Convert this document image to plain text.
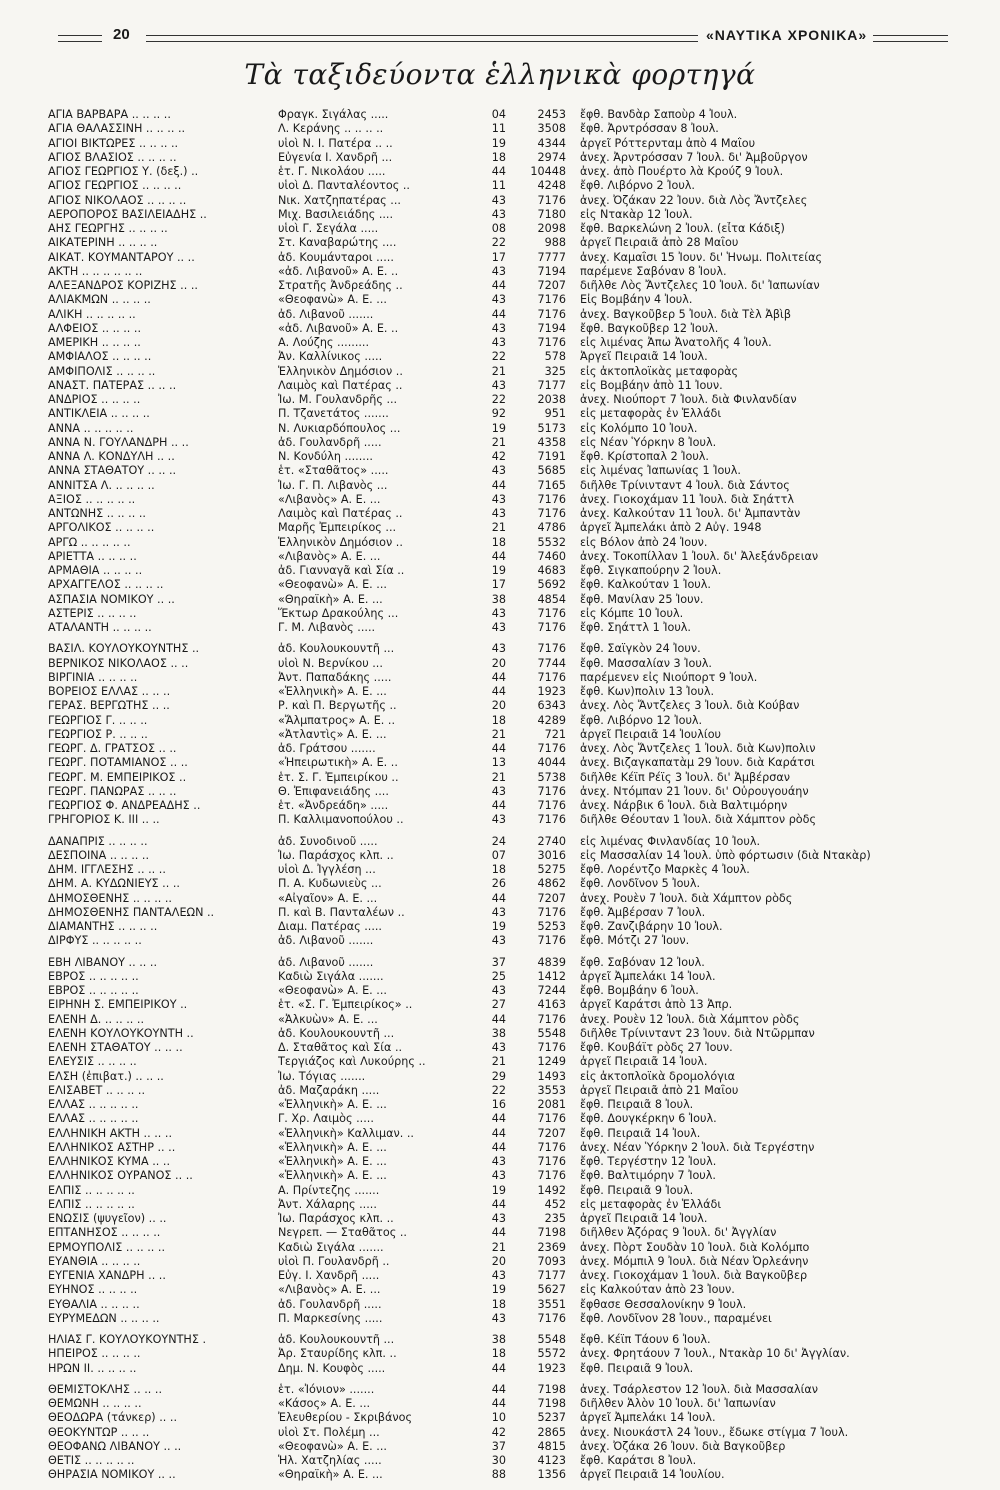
20	«ΝΑΥΤΙΚΑ ΧΡΟΝΙΚΑ»
Τὰ ταξιδεύοντα ἑλληνικὰ φορτηγά
ΑΓΙΑ ΒΑΡΒΑΡΑ .. .. .. ..	Φραγκ. Σιγάλας .....	04	2453 ἔφθ. Βανδὰρ Σαποὺρ 4 Ἰουλ.
ΑΓΙΑ ΘΑΛΑΣΣΙΝΗ .. .. .. ..	Λ. Κεράνης .. .. .. ..	11	3508 ἔφθ. Ἀρντρόσσαν 8 Ἰουλ.
ΑΓΙΟΙ ΒΙΚΤΩΡΕΣ .. .. .. ..	υἱοὶ Ν. Ι. Πατέρα .. ..	19	4344 ἀργεῖ Ρόττερνταμ ἀπὸ 4 Μαΐου
ΑΓΙΟΣ ΒΛΑΣΙΟΣ .. .. .. ..	Εὐγενία Ι. Χανδρῆ ...	18	2974 ἀνεχ. Ἀρντρόσσαν 7 Ἰουλ. δι' Ἀμβοῦργον
ΑΓΙΟΣ ΓΕΩΡΓΙΟΣ Υ. (δεξ.) ..	ἑτ. Γ. Νικολάου .....	44	10448 ἀνεχ. ἀπὸ Πουέρτο λὰ Κρούζ 9 Ἰουλ.
ΑΓΙΟΣ ΓΕΩΡΓΙΟΣ .. .. .. ..	υἱοὶ Δ. Πανταλέοντος ..	11	4248 ἔφθ. Λιβόρνο 2 Ἰουλ.
ΑΓΙΟΣ ΝΙΚΟΛΑΟΣ .. .. .. ..	Νικ. Χατζηπατέρας ...	43	7176 ἀνεχ. Ὀζάκαν 22 Ἰουν. διὰ Λὸς Ἄντζελες
ΑΕΡΟΠΟΡΟΣ ΒΑΣΙΛΕΙΑΔΗΣ ..	Μιχ. Βασιλειάδης ....	43	7180 εἰς Ντακὰρ 12 Ἰουλ.
ΑΗΣ ΓΕΩΡΓΗΣ .. .. .. ..	υἱοὶ Γ. Σεγάλα .....	08	2098 ἔφθ. Βαρκελώνη 2 Ἰουλ. (εἶτα Κάδιξ)
ΑΙΚΑΤΕΡΙΝΗ .. .. .. ..	Στ. Καναβαρώτης ....	22	988 ἀργεῖ Πειραιᾶ ἀπὸ 28 Μαΐου
ΑΙΚΑΤ. ΚΟΥΜΑΝΤΑΡΟΥ .. ..	ἀδ. Κουμάνταροι .....	17	7777 ἀνεχ. Καμαΐσι 15 Ἰουν. δι' Ἡνωμ. Πολιτείας
ΑΚΤΗ .. .. .. .. .. ..	«ἀδ. Λιβανοῦ» Α. Ε. ..	43	7194 παρέμενε Σαβόναν 8 Ἰουλ.
ΑΛΕΞΑΝΔΡΟΣ ΚΟΡΙΖΗΣ .. ..	Στρατῆς Ἀνδρεάδης ..	44	7207 διῆλθε Λὸς Ἄντζελες 10 Ἰουλ. δι' Ἰαπωνίαν
ΑΛΙΑΚΜΩΝ .. .. .. ..	«Θεοφανὼ» Α. Ε. ...	43	7176 Εἰς Βομβάην 4 Ἰουλ.
ΑΛΙΚΗ .. .. .. .. ..	ἀδ. Λιβανοῦ .......	44	7176 ἀνεχ. Βαγκοῦβερ 5 Ἰουλ. διὰ Τὲλ Ἀβὶβ
ΑΛΦΕΙΟΣ .. .. .. ..	«ἀδ. Λιβανοῦ» Α. Ε. ..	43	7194 ἔφθ. Βαγκοῦβερ 12 Ἰουλ.
ΑΜΕΡΙΚΗ .. .. .. ..	Α. Λούζης .........	43	7176 εἰς λιμένας Ἀπω Ἀνατολῆς 4 Ἰουλ.
ΑΜΦΙΑΛΟΣ .. .. .. ..	Ἀν. Καλλίνικος .....	22	578 Ἀργεῖ Πειραιᾶ 14 Ἰουλ.
ΑΜΦΙΠΟΛΙΣ .. .. .. ..	Ἑλληνικὸν Δημόσιον ..	21	325 εἰς ἀκτοπλοϊκὰς μεταφορὰς
ΑΝΑΣΤ. ΠΑΤΕΡΑΣ .. .. ..	Λαιμὸς καὶ Πατέρας ..	43	7177 εἰς Βομβάην ἀπὸ 11 Ἰουν.
ΑΝΔΡΙΟΣ .. .. .. ..	Ἰω. Μ. Γουλανδρῆς ...	22	2038 ἀνεχ. Νιούπορτ 7 Ἰουλ. διὰ Φινλανδίαν
ΑΝΤΙΚΛΕΙΑ .. .. .. ..	Π. Τζανετάτος .......	92	951 εἰς μεταφορὰς ἐν Ἑλλάδι
ΑΝΝΑ .. .. .. .. ..	Ν. Λυκιαρδόπουλος ...	19	5173 εἰς Κολόμπο 10 Ἰουλ.
ΑΝΝΑ Ν. ΓΟΥΛΑΝΔΡΗ .. ..	ἀδ. Γουλανδρῆ .....	21	4358 εἰς Νέαν Ὑόρκην 8 Ἰουλ.
ΑΝΝΑ Λ. ΚΟΝΔΥΛΗ .. ..	Ν. Κονδύλη ........	42	7191 ἔφθ. Κρίστοπαλ 2 Ἰουλ.
ΑΝΝΑ ΣΤΑΘΑΤΟΥ .. .. ..	ἑτ. «Σταθᾶτος» .....	43	5685 εἰς λιμένας Ἰαπωνίας 1 Ἰουλ.
ΑΝΝΙΤΣΑ Λ. .. .. .. ..	Ἰω. Γ. Π. Λιβανὸς ...	44	7165 διῆλθε Τρίνινταντ 4 Ἰουλ. διὰ Σάντος
ΑΞΙΟΣ .. .. .. .. ..	«Λιβανὸς» Α. Ε. ...	43	7176 ἀνεχ. Γιοκοχάμαν 11 Ἰουλ. διὰ Σηάττλ
ΑΝΤΩΝΗΣ .. .. .. ..	Λαιμὸς καὶ Πατέρας ..	43	7176 ἀνεχ. Καλκούταν 11 Ἰουλ. δι' Ἀμπαντὰν
ΑΡΓΟΛΙΚΟΣ .. .. .. ..	Μαρῆς Ἐμπειρίκος ...	21	4786 ἀργεῖ Ἀμπελάκι ἀπὸ 2 Αὐγ. 1948
ΑΡΓΩ .. .. .. .. ..	Ἑλληνικὸν Δημόσιον ..	18	5532 εἰς Βόλον ἀπὸ 24 Ἰουν.
ΑΡΙΕΤΤΑ .. .. .. ..	«Λιβανὸς» Α. Ε. ...	44	7460 ἀνεχ. Τοκοπίλλαν 1 Ἰουλ. δι' Ἀλεξάνδρειαν
ΑΡΜΑΘΙΑ .. .. .. ..	ἀδ. Γιανναγᾶ καὶ Σία ..	19	4683 ἔφθ. Σιγκαπούρην 2 Ἰουλ.
ΑΡΧΑΓΓΕΛΟΣ .. .. .. ..	«Θεοφανὼ» Α. Ε. ...	17	5692 ἔφθ. Καλκούταν 1 Ἰουλ.
ΑΣΠΑΣΙΑ ΝΟΜΙΚΟΥ .. ..	«Θηραϊκὴ» Α. Ε. ...	38	4854 ἔφθ. Μανίλαν 25 Ἰουν.
ΑΣΤΕΡΙΣ .. .. .. ..	Ἕκτωρ Δρακούλης ...	43	7176 εἰς Κόμπε 10 Ἰουλ.
ΑΤΑΛΑΝΤΗ .. .. .. ..	Γ. Μ. Λιβανὸς .....	43	7176 ἔφθ. Σηάττλ 1 Ἰουλ.
ΒΑΣΙΛ. ΚΟΥΛΟΥΚΟΥΝΤΗΣ ..	ἀδ. Κουλουκουντῆ ...	43	7176 ἔφθ. Σαϊγκὸν 24 Ἰουν.
ΒΕΡΝΙΚΟΣ ΝΙΚΟΛΑΟΣ .. ..	υἱοὶ Ν. Βερνίκου ...	20	7744 ἔφθ. Μασσαλίαν 3 Ἰουλ.
ΒΙΡΓΙΝΙΑ .. .. .. ..	Ἀντ. Παπαδάκης .....	44	7176 παρέμενεν εἰς Νιούπορτ 9 Ἰουλ.
ΒΟΡΕΙΟΣ ΕΛΛΑΣ .. .. ..	«Ἑλληνικὴ» Α. Ε. ...	44	1923 ἔφθ. Κων)πολιν 13 Ἰουλ.
ΓΕΡΑΣ. ΒΕΡΓΩΤΗΣ .. ..	Ρ. καὶ Π. Βεργωτῆς ..	20	6343 ἀνεχ. Λὸς Ἄντζελες 3 Ἰουλ. διὰ Κούβαν
ΓΕΩΡΓΙΟΣ Γ. .. .. ..	«Ἄλμπατρος» Α. Ε. ..	18	4289 ἔφθ. Λιβόρνο 12 Ἰουλ.
ΓΕΩΡΓΙΟΣ Ρ. .. .. ..	«Ἀτλαντὶς» Α. Ε. ...	21	721 ἀργεῖ Πειραιᾶ 14 Ἰουλίου
ΓΕΩΡΓ. Δ. ΓΡΑΤΣΟΣ .. ..	ἀδ. Γράτσου .......	44	7176 ἀνεχ. Λὸς Ἄντζελες 1 Ἰουλ. διὰ Κων)πολιν
ΓΕΩΡΓ. ΠΟΤΑΜΙΑΝΟΣ .. ..	«Ἠπειρωτικὴ» Α. Ε. ..	13	4044 ἀνεχ. Βιζαγκαπατὰμ 29 Ἰουν. διὰ Καράτσι
ΓΕΩΡΓ. Μ. ΕΜΠΕΙΡΙΚΟΣ ..	ἑτ. Σ. Γ. Ἐμπειρίκου ..	21	5738 διῆλθε Κέϊπ Ρέϊς 3 Ἰουλ. δι' Ἀμβέρσαν
ΓΕΩΡΓ. ΠΑΝΩΡΑΣ .. .. ..	Θ. Ἐπιφανειάδης ....	43	7176 ἀνεχ. Ντόμπαν 21 Ἰουν. δι' Οὐρουγουάην
ΓΕΩΡΓΙΟΣ Φ. ΑΝΔΡΕΑΔΗΣ ..	ἑτ. «Ἀνδρεάδη» .....	44	7176 ἀνεχ. Νάρβικ 6 Ἰουλ. διὰ Βαλτιμόρην
ΓΡΗΓΟΡΙΟΣ Κ. ΙΙΙ .. ..	Π. Καλλιμανοπούλου ..	43	7176 διῆλθε Θέουταν 1 Ἰουλ. διὰ Χάμπτον ρὸδς
ΔΑΝΑΠΡΙΣ .. .. .. ..	ἀδ. Συνοδινοῦ .....	24	2740 εἰς λιμένας Φινλανδίας 10 Ἰουλ.
ΔΕΣΠΟΙΝΑ .. .. .. ..	Ἰω. Παράσχος κλπ. ..	07	3016 εἰς Μασσαλίαν 14 Ἰουλ. ὑπὸ φόρτωσιν (διὰ Ντακὰρ)
ΔΗΜ. ΙΓΓΛΕΣΗΣ .. .. ..	υἱοὶ Δ. Ἰγγλέση ...	18	5275 ἔφθ. Λορέντζο Μαρκὲς 4 Ἰουλ.
ΔΗΜ. Α. ΚΥΔΩΝΙΕΥΣ .. ..	Π. Α. Κυδωνιεὺς ...	26	4862 ἔφθ. Λονδῖνον 5 Ἰουλ.
ΔΗΜΟΣΘΕΝΗΣ .. .. .. ..	«Αἰγαῖον» Α. Ε. ...	44	7207 ἀνεχ. Ρουὲν 7 Ἰουλ. διὰ Χάμπτον ρὸδς
ΔΗΜΟΣΘΕΝΗΣ ΠΑΝΤΑΛΕΩΝ ..	Π. καὶ Β. Πανταλέων ..	43	7176 ἔφθ. Ἀμβέρσαν 7 Ἰουλ.
ΔΙΑΜΑΝΤΗΣ .. .. .. ..	Διαμ. Πατέρας .....	19	5253 ἔφθ. Ζανζιβάρην 10 Ἰουλ.
ΔΙΡΦΥΣ .. .. .. .. ..	ἀδ. Λιβανοῦ .......	43	7176 ἔφθ. Μότζι 27 Ἰουν.
ΕΒΗ ΛΙΒΑΝΟΥ .. .. ..	ἀδ. Λιβανοῦ .......	37	4839 ἔφθ. Σαβόναν 12 Ἰουλ.
ΕΒΡΟΣ .. .. .. .. ..	Καδιὼ Σιγάλα .......	25	1412 ἀργεῖ Ἀμπελάκι 14 Ἰουλ.
ΕΒΡΟΣ .. .. .. .. ..	«Θεοφανὼ» Α. Ε. ...	43	7244 ἔφθ. Βομβάην 6 Ἰουλ.
ΕΙΡΗΝΗ Σ. ΕΜΠΕΙΡΙΚΟΥ ..	ἑτ. «Σ. Γ. Ἐμπειρίκος» ..	27	4163 ἀργεῖ Καράτσι ἀπὸ 13 Ἀπρ.
ΕΛΕΝΗ Δ. .. .. .. ..	«Ἀλκυὼν» Α. Ε. ...	44	7176 ἀνεχ. Ρουὲν 12 Ἰουλ. διὰ Χάμπτον ρὸδς
ΕΛΕΝΗ ΚΟΥΛΟΥΚΟΥΝΤΗ ..	ἀδ. Κουλουκουντῆ ...	38	5548 διῆλθε Τρίνινταντ 23 Ἰουν. διὰ Ντῶρμπαν
ΕΛΕΝΗ ΣΤΑΘΑΤΟΥ .. .. ..	Δ. Σταθᾶτος καὶ Σία ..	43	7176 ἔφθ. Κουβάϊτ ρὸδς 27 Ἰουν.
ΕΛΕΥΣΙΣ .. .. .. ..	Τεργιάζος καὶ Λυκούρης ..	21	1249 ἀργεῖ Πειραιᾶ 14 Ἰουλ.
ΕΛΣΗ (ἐπιβατ.) .. .. ..	Ἰω. Τόγιας .......	29	1493 εἰς ἀκτοπλοϊκὰ δρομολόγια
ΕΛΙΣΑΒΕΤ .. .. .. ..	ἀδ. Μαζαράκη .....	22	3553 ἀργεῖ Πειραιᾶ ἀπὸ 21 Μαΐου
ΕΛΛΑΣ .. .. .. .. ..	«Ἑλληνικὴ» Α. Ε. ...	16	2081 ἔφθ. Πειραιᾶ 8 Ἰουλ.
ΕΛΛΑΣ .. .. .. .. ..	Γ. Χρ. Λαιμὸς .....	44	7176 ἔφθ. Δουγκέρκην 6 Ἰουλ.
ΕΛΛΗΝΙΚΗ ΑΚΤΗ .. .. ..	«Ἑλληνικὴ» Καλλιμαν. ..	44	7207 ἔφθ. Πειραιᾶ 14 Ἰουλ.
ΕΛΛΗΝΙΚΟΣ ΑΣΤΗΡ .. ..	«Ἑλληνικὴ» Α. Ε. ...	44	7176 ἀνεχ. Νέαν Ὑόρκην 2 Ἰουλ. διὰ Τεργέστην
ΕΛΛΗΝΙΚΟΣ ΚΥΜΑ .. ..	«Ἑλληνικὴ» Α. Ε. ...	43	7176 ἔφθ. Τεργέστην 12 Ἰουλ.
ΕΛΛΗΝΙΚΟΣ ΟΥΡΑΝΟΣ .. ..	«Ἑλληνικὴ» Α. Ε. ...	43	7176 ἔφθ. Βαλτιμόρην 7 Ἰουλ.
ΕΛΠΙΣ .. .. .. .. ..	Α. Πρίντεζης .......	19	1492 ἔφθ. Πειραιᾶ 9 Ἰουλ.
ΕΛΠΙΣ .. .. .. .. ..	Ἀντ. Χάλαρης .....	44	452 εἰς μεταφορὰς ἐν Ἑλλάδι
ΕΝΩΣΙΣ (ψυγεῖον) .. ..	Ἰω. Παράσχος κλπ. ..	43	235 ἀργεῖ Πειραιᾶ 14 Ἰουλ.
ΕΠΤΑΝΗΣΟΣ .. .. .. ..	Νεγρεπ. — Σταθᾶτος ..	44	7198 διῆλθεν Ἀζόρας 9 Ἰουλ. δι' Ἀγγλίαν
ΕΡΜΟΥΠΟΛΙΣ .. .. .. ..	Καδιὼ Σιγάλα .......	21	2369 ἀνεχ. Πὸρτ Σουδὰν 10 Ἰουλ. διὰ Κολόμπο
ΕΥΑΝΘΙΑ .. .. .. ..	υἱοὶ Π. Γουλανδρῆ ..	20	7093 ἀνεχ. Μόμπιλ 9 Ἰουλ. διὰ Νέαν Ὀρλεάνην
ΕΥΓΕΝΙΑ ΧΑΝΔΡΗ .. ..	Εὐγ. Ι. Χανδρῆ .....	43	7177 ἀνεχ. Γιοκοχάμαν 1 Ἰουλ. διὰ Βαγκοῦβερ
ΕΥΗΝΟΣ .. .. .. ..	«Λιβανὸς» Α. Ε. ...	19	5627 εἰς Καλκούταν ἀπὸ 23 Ἰουν.
ΕΥΘΑΛΙΑ .. .. .. ..	ἀδ. Γουλανδρῆ .....	18	3551 ἔφθασε Θεσσαλονίκην 9 Ἰουλ.
ΕΥΡΥΜΕΔΩΝ .. .. .. ..	Π. Μαρκεσίνης .....	43	7176 ἔφθ. Λονδῖνον 28 Ἰουν., παραμένει
ΗΛΙΑΣ Γ. ΚΟΥΛΟΥΚΟΥΝΤΗΣ .	ἀδ. Κουλουκουντῆ ...	38	5548 ἔφθ. Κέϊπ Τάουν 6 Ἰουλ.
ΗΠΕΙΡΟΣ .. .. .. ..	Ἀρ. Σταυρίδης κλπ. ..	18	5572 ἀνεχ. Φρητάουν 7 Ἰουλ., Ντακὰρ 10 δι' Ἀγγλίαν.
ΗΡΩΝ ΙΙ. .. .. .. ..	Δημ. Ν. Κουφὸς .....	44	1923 ἔφθ. Πειραιᾶ 9 Ἰουλ.
ΘΕΜΙΣΤΟΚΛΗΣ .. .. ..	ἑτ. «Ἰόνιον» .......	44	7198 ἀνεχ. Τσάρλεστον 12 Ἰουλ. διὰ Μασσαλίαν
ΘΕΜΩΝΗ .. .. .. ..	«Κάσος» Α. Ε. ...	44	7198 διῆλθεν Ἀλὸν 10 Ἰουλ. δι' Ἰαπωνίαν
ΘΕΟΔΩΡΑ (τάνκερ) .. ..	Ἐλευθερίου - Σκριβάνος	10	5237 ἀργεῖ Ἀμπελάκι 14 Ἰουλ.
ΘΕΟΚΥΝΤΩΡ .. .. ..	υἱοὶ Στ. Πολέμη ...	42	2865 ἀνεχ. Νιουκάστλ 24 Ἰουν., ἔδωκε στίγμα 7 Ἰουλ.
ΘΕΟΦΑΝΩ ΛΙΒΑΝΟΥ .. ..	«Θεοφανὼ» Α. Ε. ...	37	4815 ἀνεχ. Ὀζάκα 26 Ἰουν. διὰ Βαγκοῦβερ
ΘΕΤΙΣ .. .. .. .. ..	Ἡλ. Χατζηλίας .....	30	4123 ἔφθ. Καράτσι 8 Ἰουλ.
ΘΗΡΑΣΙΑ ΝΟΜΙΚΟΥ .. ..	«Θηραϊκὴ» Α. Ε. ...	88	1356 ἀργεῖ Πειραιᾶ 14 Ἰουλίου.
